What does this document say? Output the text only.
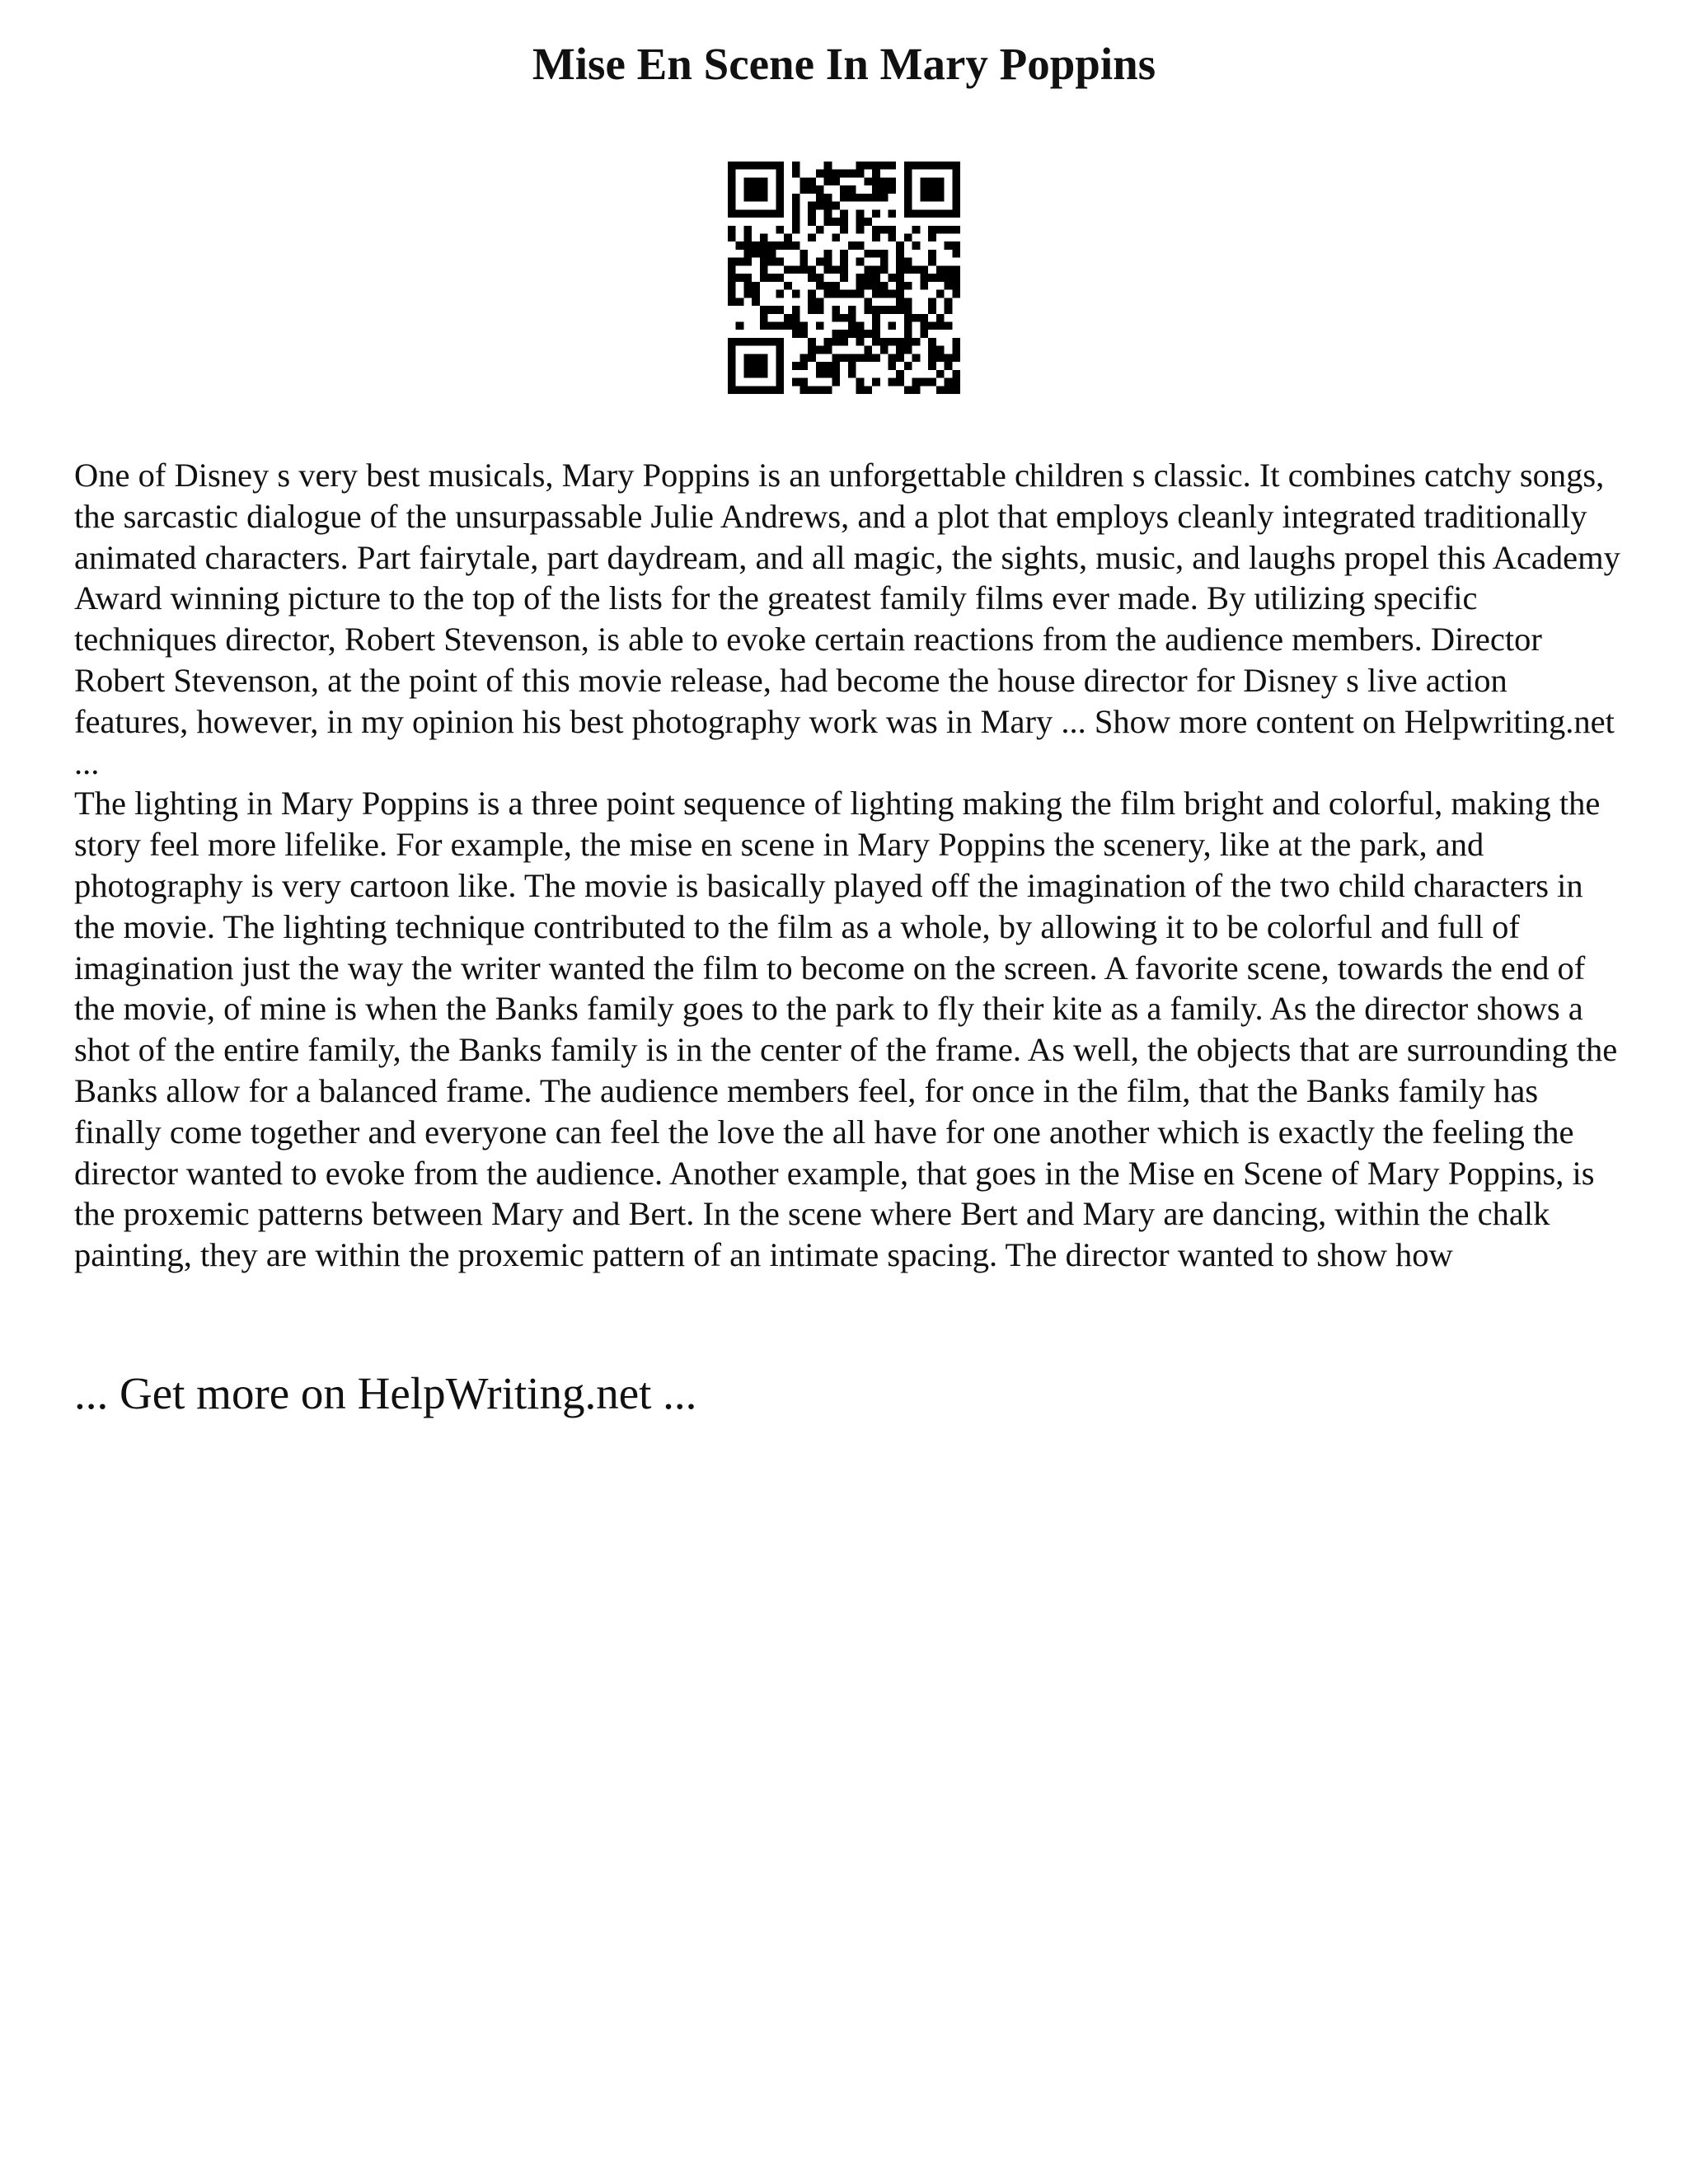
Mise En Scene In Mary Poppins

One of Disney s very best musicals, Mary Poppins is an unforgettable children s classic. It combines catchy songs, the sarcastic dialogue of the unsurpassable Julie Andrews, and a plot that employs cleanly integrated traditionally animated characters. Part fairytale, part daydream, and all magic, the sights, music, and laughs propel this Academy Award winning picture to the top of the lists for the greatest family films ever made. By utilizing specific techniques director, Robert Stevenson, is able to evoke certain reactions from the audience members. Director Robert Stevenson, at the point of this movie release, had become the house director for Disney s live action features, however, in my opinion his best photography work was in Mary ... Show more content on Helpwriting.net ...

The lighting in Mary Poppins is a three point sequence of lighting making the film bright and colorful, making the story feel more lifelike. For example, the mise en scene in Mary Poppins the scenery, like at the park, and photography is very cartoon like. The movie is basically played off the imagination of the two child characters in the movie. The lighting technique contributed to the film as a whole, by allowing it to be colorful and full of imagination just the way the writer wanted the film to become on the screen. A favorite scene, towards the end of the movie, of mine is when the Banks family goes to the park to fly their kite as a family. As the director shows a shot of the entire family, the Banks family is in the center of the frame. As well, the objects that are surrounding the Banks allow for a balanced frame. The audience members feel, for once in the film, that the Banks family has finally come together and everyone can feel the love the all have for one another which is exactly the feeling the director wanted to evoke from the audience. Another example, that goes in the Mise en Scene of Mary Poppins, is the proxemic patterns between Mary and Bert. In the scene where Bert and Mary are dancing, within the chalk painting, they are within the proxemic pattern of an intimate spacing. The director wanted to show how

... Get more on HelpWriting.net ...
